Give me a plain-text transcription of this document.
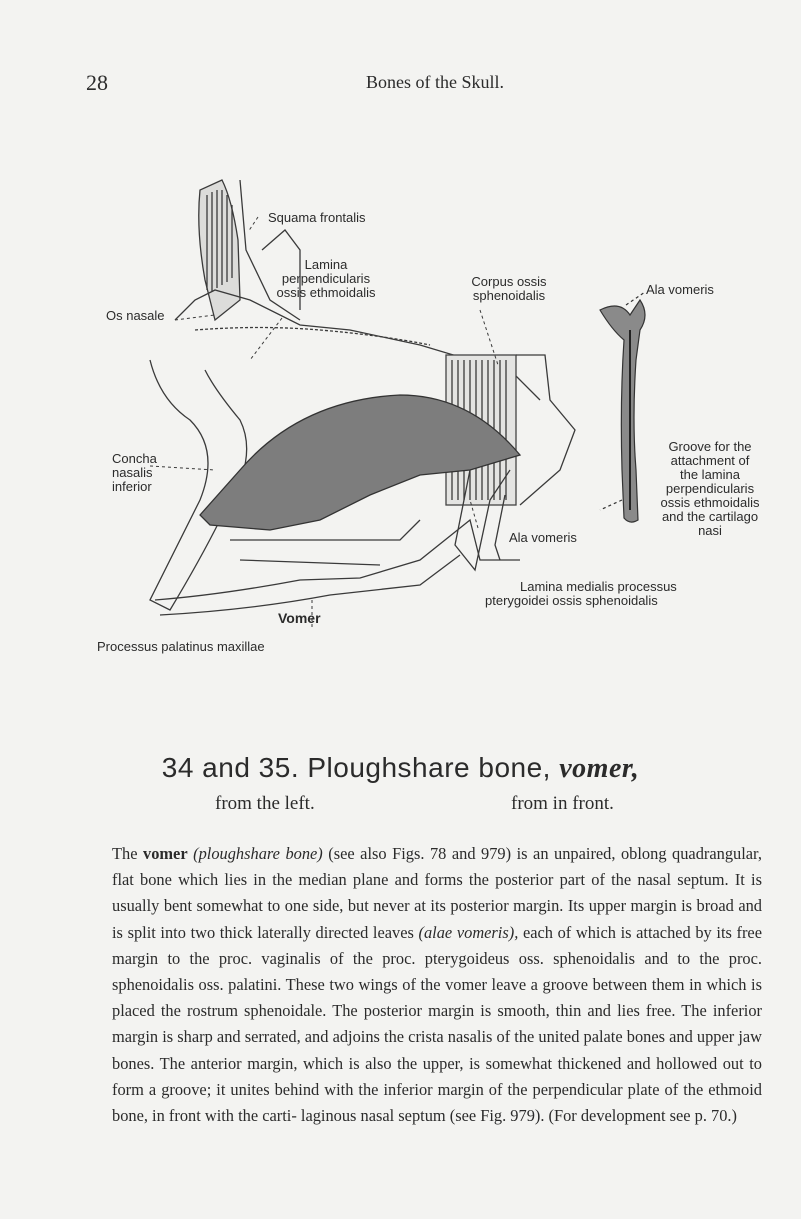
28	Bones of the Skull.
Squama frontalis
Os nasale
Lamina
perpendicularis
ossis ethmoidalis
Corpus ossis
sphenoidalis
Concha
nasalis
inferior
Ala vomeris
Lamina medialis processus
pterygoidei ossis sphenoidalis
Vomer
Processus palatinus maxillae
Ala vomeris
Groove for the
attachment of
the lamina
perpendicularis
ossis ethmoidalis
and the cartilago
nasi
34 and 35. Ploughshare bone, vomer,
from the left.	from in front.
The vomer (ploughshare bone) (see also Figs. 78 and 979) is an unpaired, oblong quadrangular, flat bone which lies in the median plane and forms the posterior part of the nasal septum. It is usually bent somewhat to one side, but never at its posterior margin. Its upper margin is broad and is split into two thick laterally directed leaves (alae vomeris), each of which is attached by its free margin to the proc. vaginalis of the proc. pterygoideus oss. sphenoidalis and to the proc. sphenoidalis oss. palatini. These two wings of the vomer leave a groove between them in which is placed the rostrum sphenoidale. The posterior margin is smooth, thin and lies free. The inferior margin is sharp and serrated, and adjoins the crista nasalis of the united palate bones and upper jaw bones. The anterior margin, which is also the upper, is somewhat thickened and hollowed out to form a groove; it unites behind with the inferior margin of the perpendicular plate of the ethmoid bone, in front with the carti- laginous nasal septum (see Fig. 979). (For development see p. 70.)
